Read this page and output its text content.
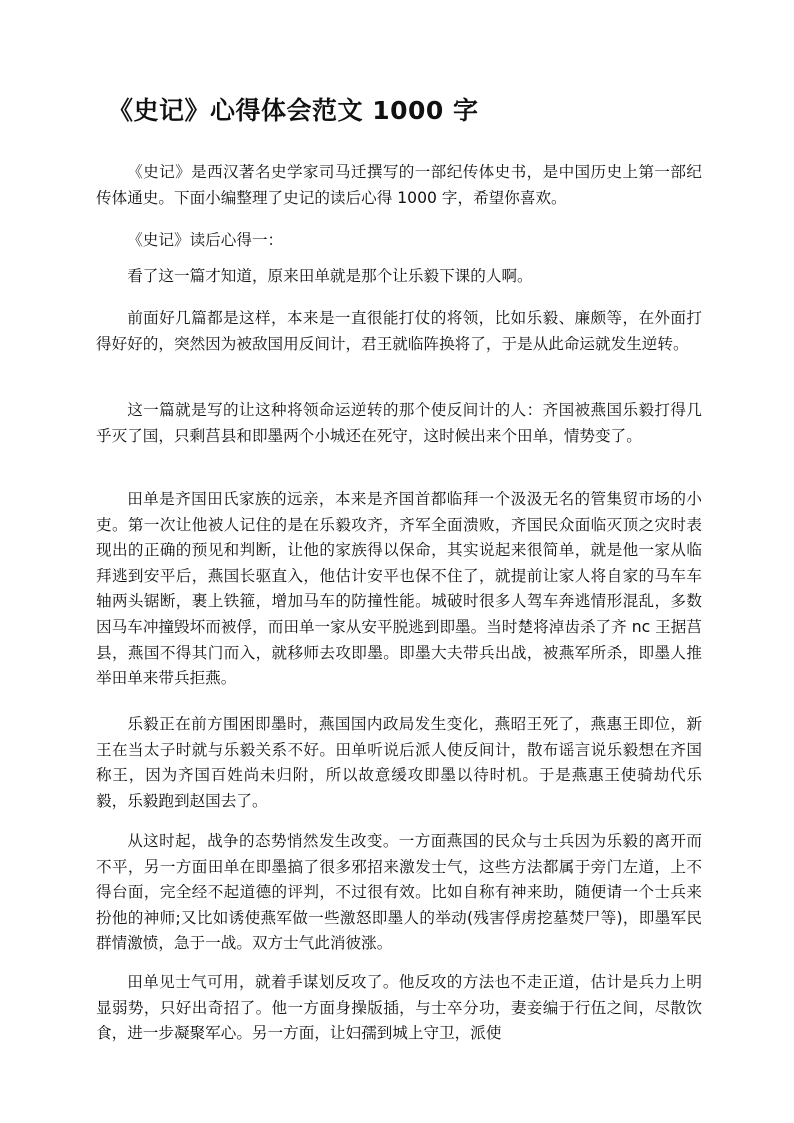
《史记》心得体会范文 1000 字

《史记》是西汉著名史学家司马迁撰写的一部纪传体史书，是中国历史上第一部纪传体通史。下面小编整理了史记的读后心得 1000 字，希望你喜欢。

《史记》读后心得一：

看了这一篇才知道，原来田单就是那个让乐毅下课的人啊。

前面好几篇都是这样，本来是一直很能打仗的将领，比如乐毅、廉颇等，在外面打得好好的，突然因为被敌国用反间计，君王就临阵换将了，于是从此命运就发生逆转。

这一篇就是写的让这种将领命运逆转的那个使反间计的人：齐国被燕国乐毅打得几乎灭了国，只剩莒县和即墨两个小城还在死守，这时候出来个田单，情势变了。

田单是齐国田氏家族的远亲，本来是齐国首都临拜一个汲汲无名的管集贸市场的小吏。第一次让他被人记住的是在乐毅攻齐，齐军全面溃败，齐国民众面临灭顶之灾时表现出的正确的预见和判断，让他的家族得以保命，其实说起来很简单，就是他一家从临拜逃到安平后，燕国长驱直入，他估计安平也保不住了，就提前让家人将自家的马车车轴两头锯断，裹上铁箍，增加马车的防撞性能。城破时很多人驾车奔逃情形混乱，多数因马车冲撞毁坏而被俘，而田单一家从安平脱逃到即墨。当时楚将淖齿杀了齐 nc 王据莒县，燕国不得其门而入，就移师去攻即墨。即墨大夫带兵出战，被燕军所杀，即墨人推举田单来带兵拒燕。

乐毅正在前方围困即墨时，燕国国内政局发生变化，燕昭王死了，燕惠王即位，新王在当太子时就与乐毅关系不好。田单听说后派人使反间计，散布谣言说乐毅想在齐国称王，因为齐国百姓尚未归附，所以故意缓攻即墨以待时机。于是燕惠王使骑劫代乐毅，乐毅跑到赵国去了。

从这时起，战争的态势悄然发生改变。一方面燕国的民众与士兵因为乐毅的离开而不平，另一方面田单在即墨搞了很多邪招来激发士气，这些方法都属于旁门左道，上不得台面，完全经不起道德的评判，不过很有效。比如自称有神来助，随便请一个士兵来扮他的神师;又比如诱使燕军做一些激怒即墨人的举动(残害俘虏挖墓焚尸等)，即墨军民群情激愤，急于一战。双方士气此消彼涨。

田单见士气可用，就着手谋划反攻了。他反攻的方法也不走正道，估计是兵力上明显弱势，只好出奇招了。他一方面身操版插，与士卒分功，妻妾编于行伍之间，尽散饮食，进一步凝聚军心。另一方面，让妇孺到城上守卫，派使
